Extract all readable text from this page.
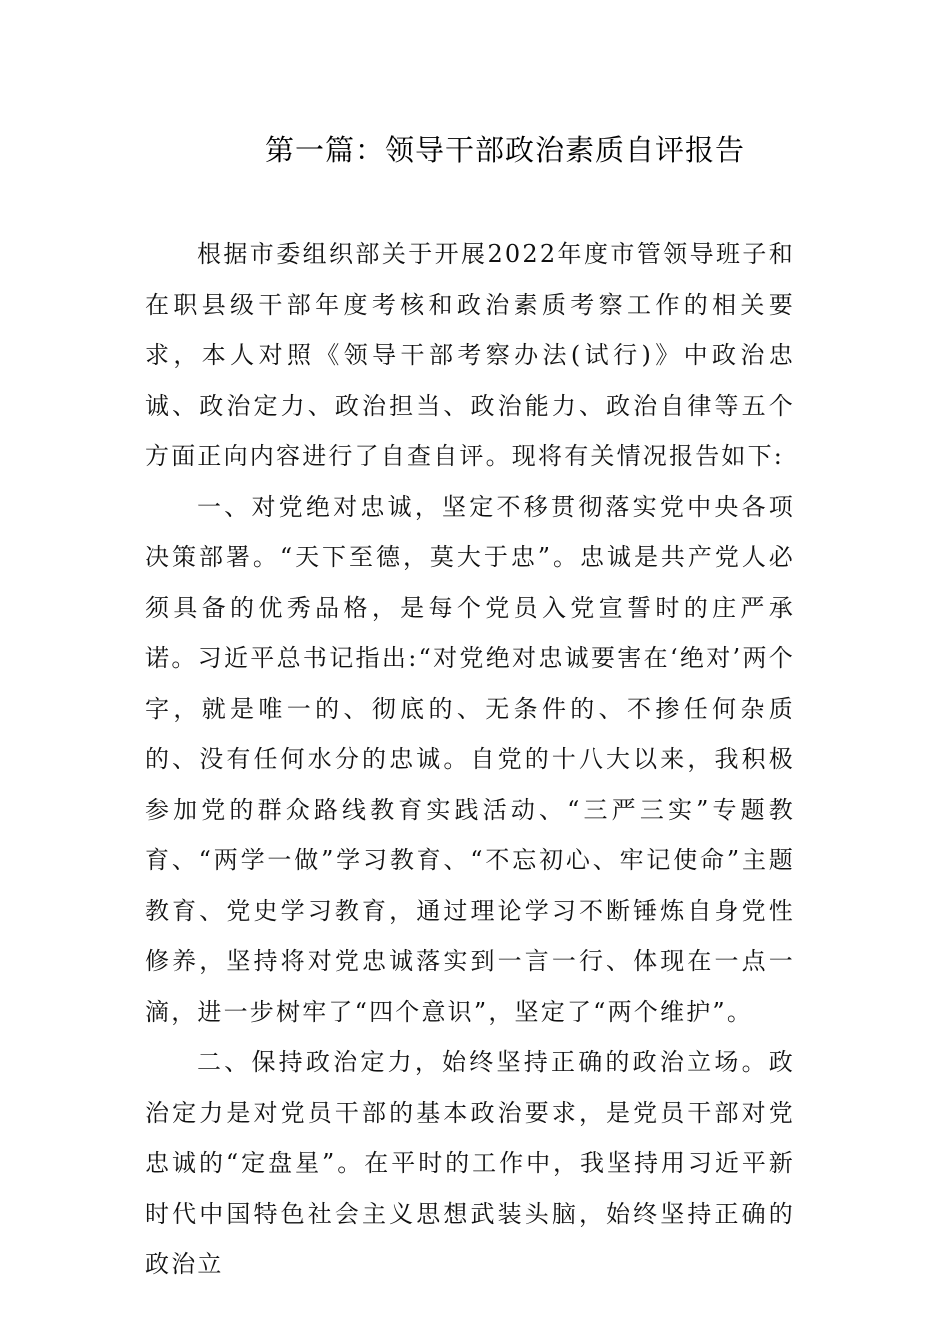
第一篇：领导干部政治素质自评报告

根据市委组织部关于开展2022年度市管领导班子和在职县级干部年度考核和政治素质考察工作的相关要求，本人对照《领导干部考察办法(试行)》中政治忠诚、政治定力、政治担当、政治能力、政治自律等五个方面正向内容进行了自查自评。现将有关情况报告如下:

一、对党绝对忠诚，坚定不移贯彻落实党中央各项决策部署。“天下至德，莫大于忠”。忠诚是共产党人必须具备的优秀品格，是每个党员入党宣誓时的庄严承诺。习近平总书记指出:“对党绝对忠诚要害在‘绝对’两个字，就是唯一的、彻底的、无条件的、不掺任何杂质的、没有任何水分的忠诚。自党的十八大以来，我积极参加党的群众路线教育实践活动、“三严三实”专题教育、“两学一做”学习教育、“不忘初心、牢记使命”主题教育、党史学习教育，通过理论学习不断锤炼自身党性修养，坚持将对党忠诚落实到一言一行、体现在一点一滴，进一步树牢了“四个意识”，坚定了“两个维护”。

二、保持政治定力，始终坚持正确的政治立场。政治定力是对党员干部的基本政治要求，是党员干部对党忠诚的“定盘星”。在平时的工作中，我坚持用习近平新时代中国特色社会主义思想武装头脑，始终坚持正确的政治立
